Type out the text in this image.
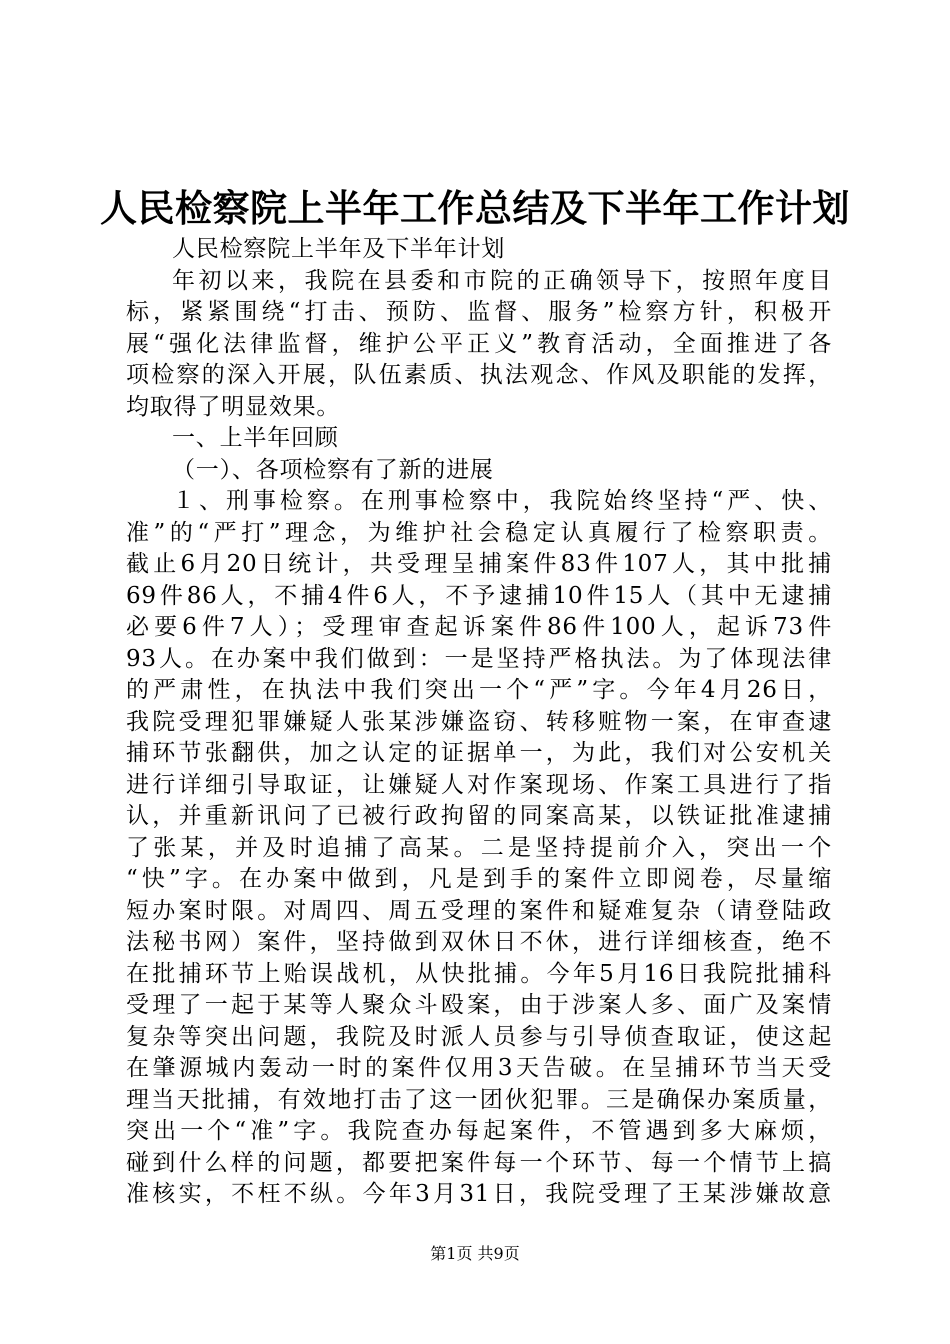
人民检察院上半年工作总结及下半年工作计划
人民检察院上半年及下半年计划
年初以来，我院在县委和市院的正确领导下，按照年度目
标，紧紧围绕“打击、预防、监督、服务”检察方针，积极开
展“强化法律监督，维护公平正义”教育活动，全面推进了各
项检察的深入开展，队伍素质、执法观念、作风及职能的发挥，
均取得了明显效果。
一、上半年回顾
（一）、各项检察有了新的进展
１、刑事检察。在刑事检察中，我院始终坚持“严、快、
准”的“严打”理念，为维护社会稳定认真履行了检察职责。
截止6月20日统计，共受理呈捕案件83件107人，其中批捕
69件86人，不捕4件6人，不予逮捕10件15人（其中无逮捕
必要6件7人）；受理审查起诉案件86件100人，起诉73件
93人。在办案中我们做到：一是坚持严格执法。为了体现法律
的严肃性，在执法中我们突出一个“严”字。今年4月26日，
我院受理犯罪嫌疑人张某涉嫌盗窃、转移赃物一案，在审查逮
捕环节张翻供，加之认定的证据单一，为此，我们对公安机关
进行详细引导取证，让嫌疑人对作案现场、作案工具进行了指
认，并重新讯问了已被行政拘留的同案高某，以铁证批准逮捕
了张某，并及时追捕了高某。二是坚持提前介入，突出一个
“快”字。在办案中做到，凡是到手的案件立即阅卷，尽量缩
短办案时限。对周四、周五受理的案件和疑难复杂（请登陆政
法秘书网）案件，坚持做到双休日不休，进行详细核查，绝不
在批捕环节上贻误战机，从快批捕。今年5月16日我院批捕科
受理了一起于某等人聚众斗殴案，由于涉案人多、面广及案情
复杂等突出问题，我院及时派人员参与引导侦查取证，使这起
在肇源城内轰动一时的案件仅用3天告破。在呈捕环节当天受
理当天批捕，有效地打击了这一团伙犯罪。三是确保办案质量，
突出一个“准”字。我院查办每起案件，不管遇到多大麻烦，
碰到什么样的问题，都要把案件每一个环节、每一个情节上搞
准核实，不枉不纵。今年3月31日，我院受理了王某涉嫌故意
第1页 共9页
